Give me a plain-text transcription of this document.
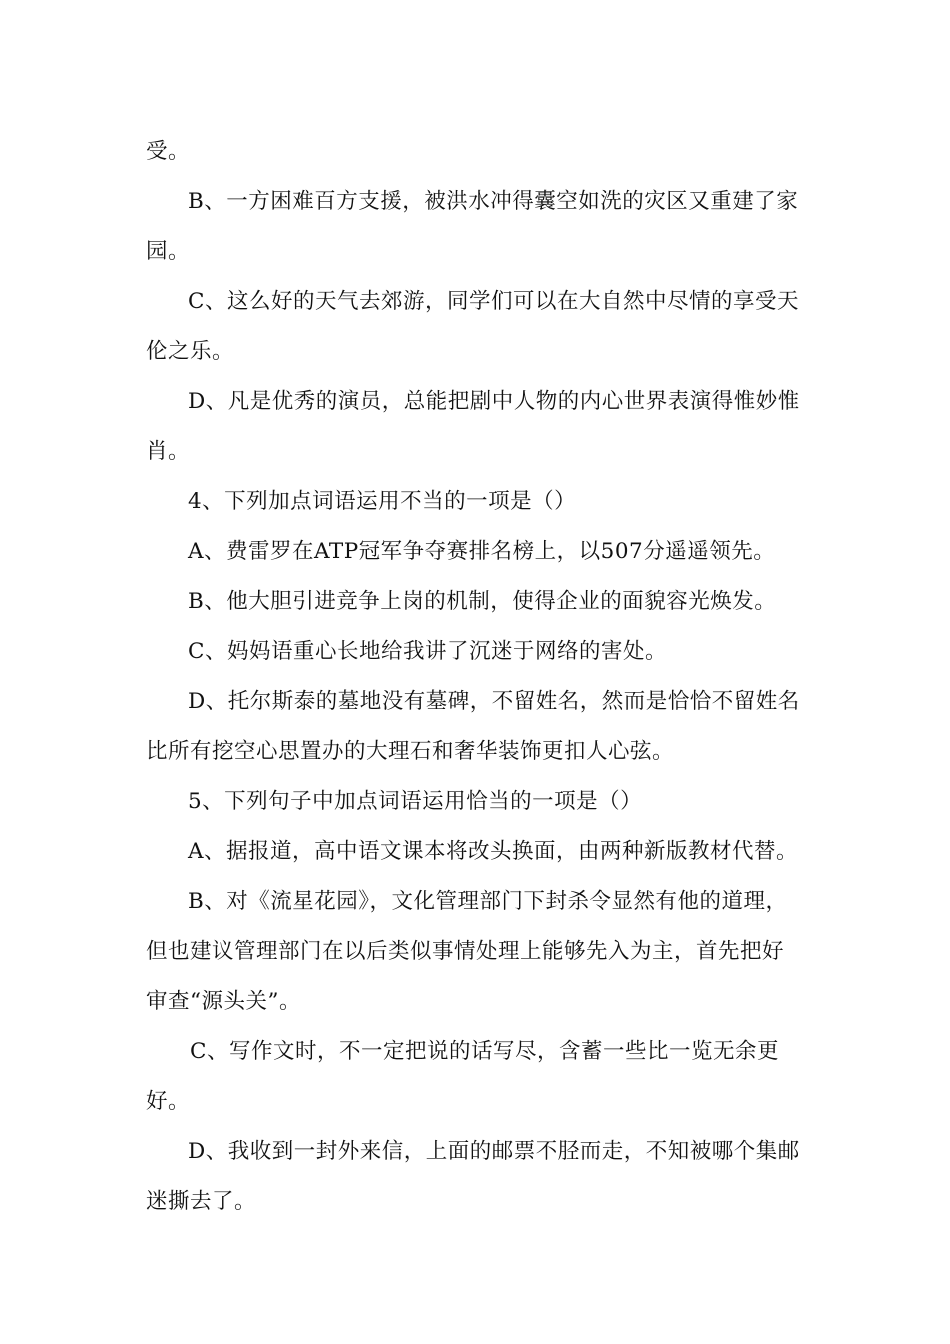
受。
B、一方困难百方支援，被洪水冲得囊空如洗的灾区又重建了家
园。
C、这么好的天气去郊游，同学们可以在大自然中尽情的享受天
伦之乐。
D、凡是优秀的演员，总能把剧中人物的内心世界表演得惟妙惟
肖。
4、下列加点词语运用不当的一项是（）
A、费雷罗在ATP冠军争夺赛排名榜上，以507分遥遥领先。
B、他大胆引进竞争上岗的机制，使得企业的面貌容光焕发。
C、妈妈语重心长地给我讲了沉迷于网络的害处。
D、托尔斯泰的墓地没有墓碑，不留姓名，然而是恰恰不留姓名
比所有挖空心思置办的大理石和奢华装饰更扣人心弦。
5、下列句子中加点词语运用恰当的一项是（）
A、据报道，高中语文课本将改头换面，由两种新版教材代替。
B、对《流星花园》，文化管理部门下封杀令显然有他的道理，
但也建议管理部门在以后类似事情处理上能够先入为主，首先把好
审查“源头关”。
C、写作文时，不一定把说的话写尽，含蓄一些比一览无余更
好。
D、我收到一封外来信，上面的邮票不胫而走，不知被哪个集邮
迷撕去了。
